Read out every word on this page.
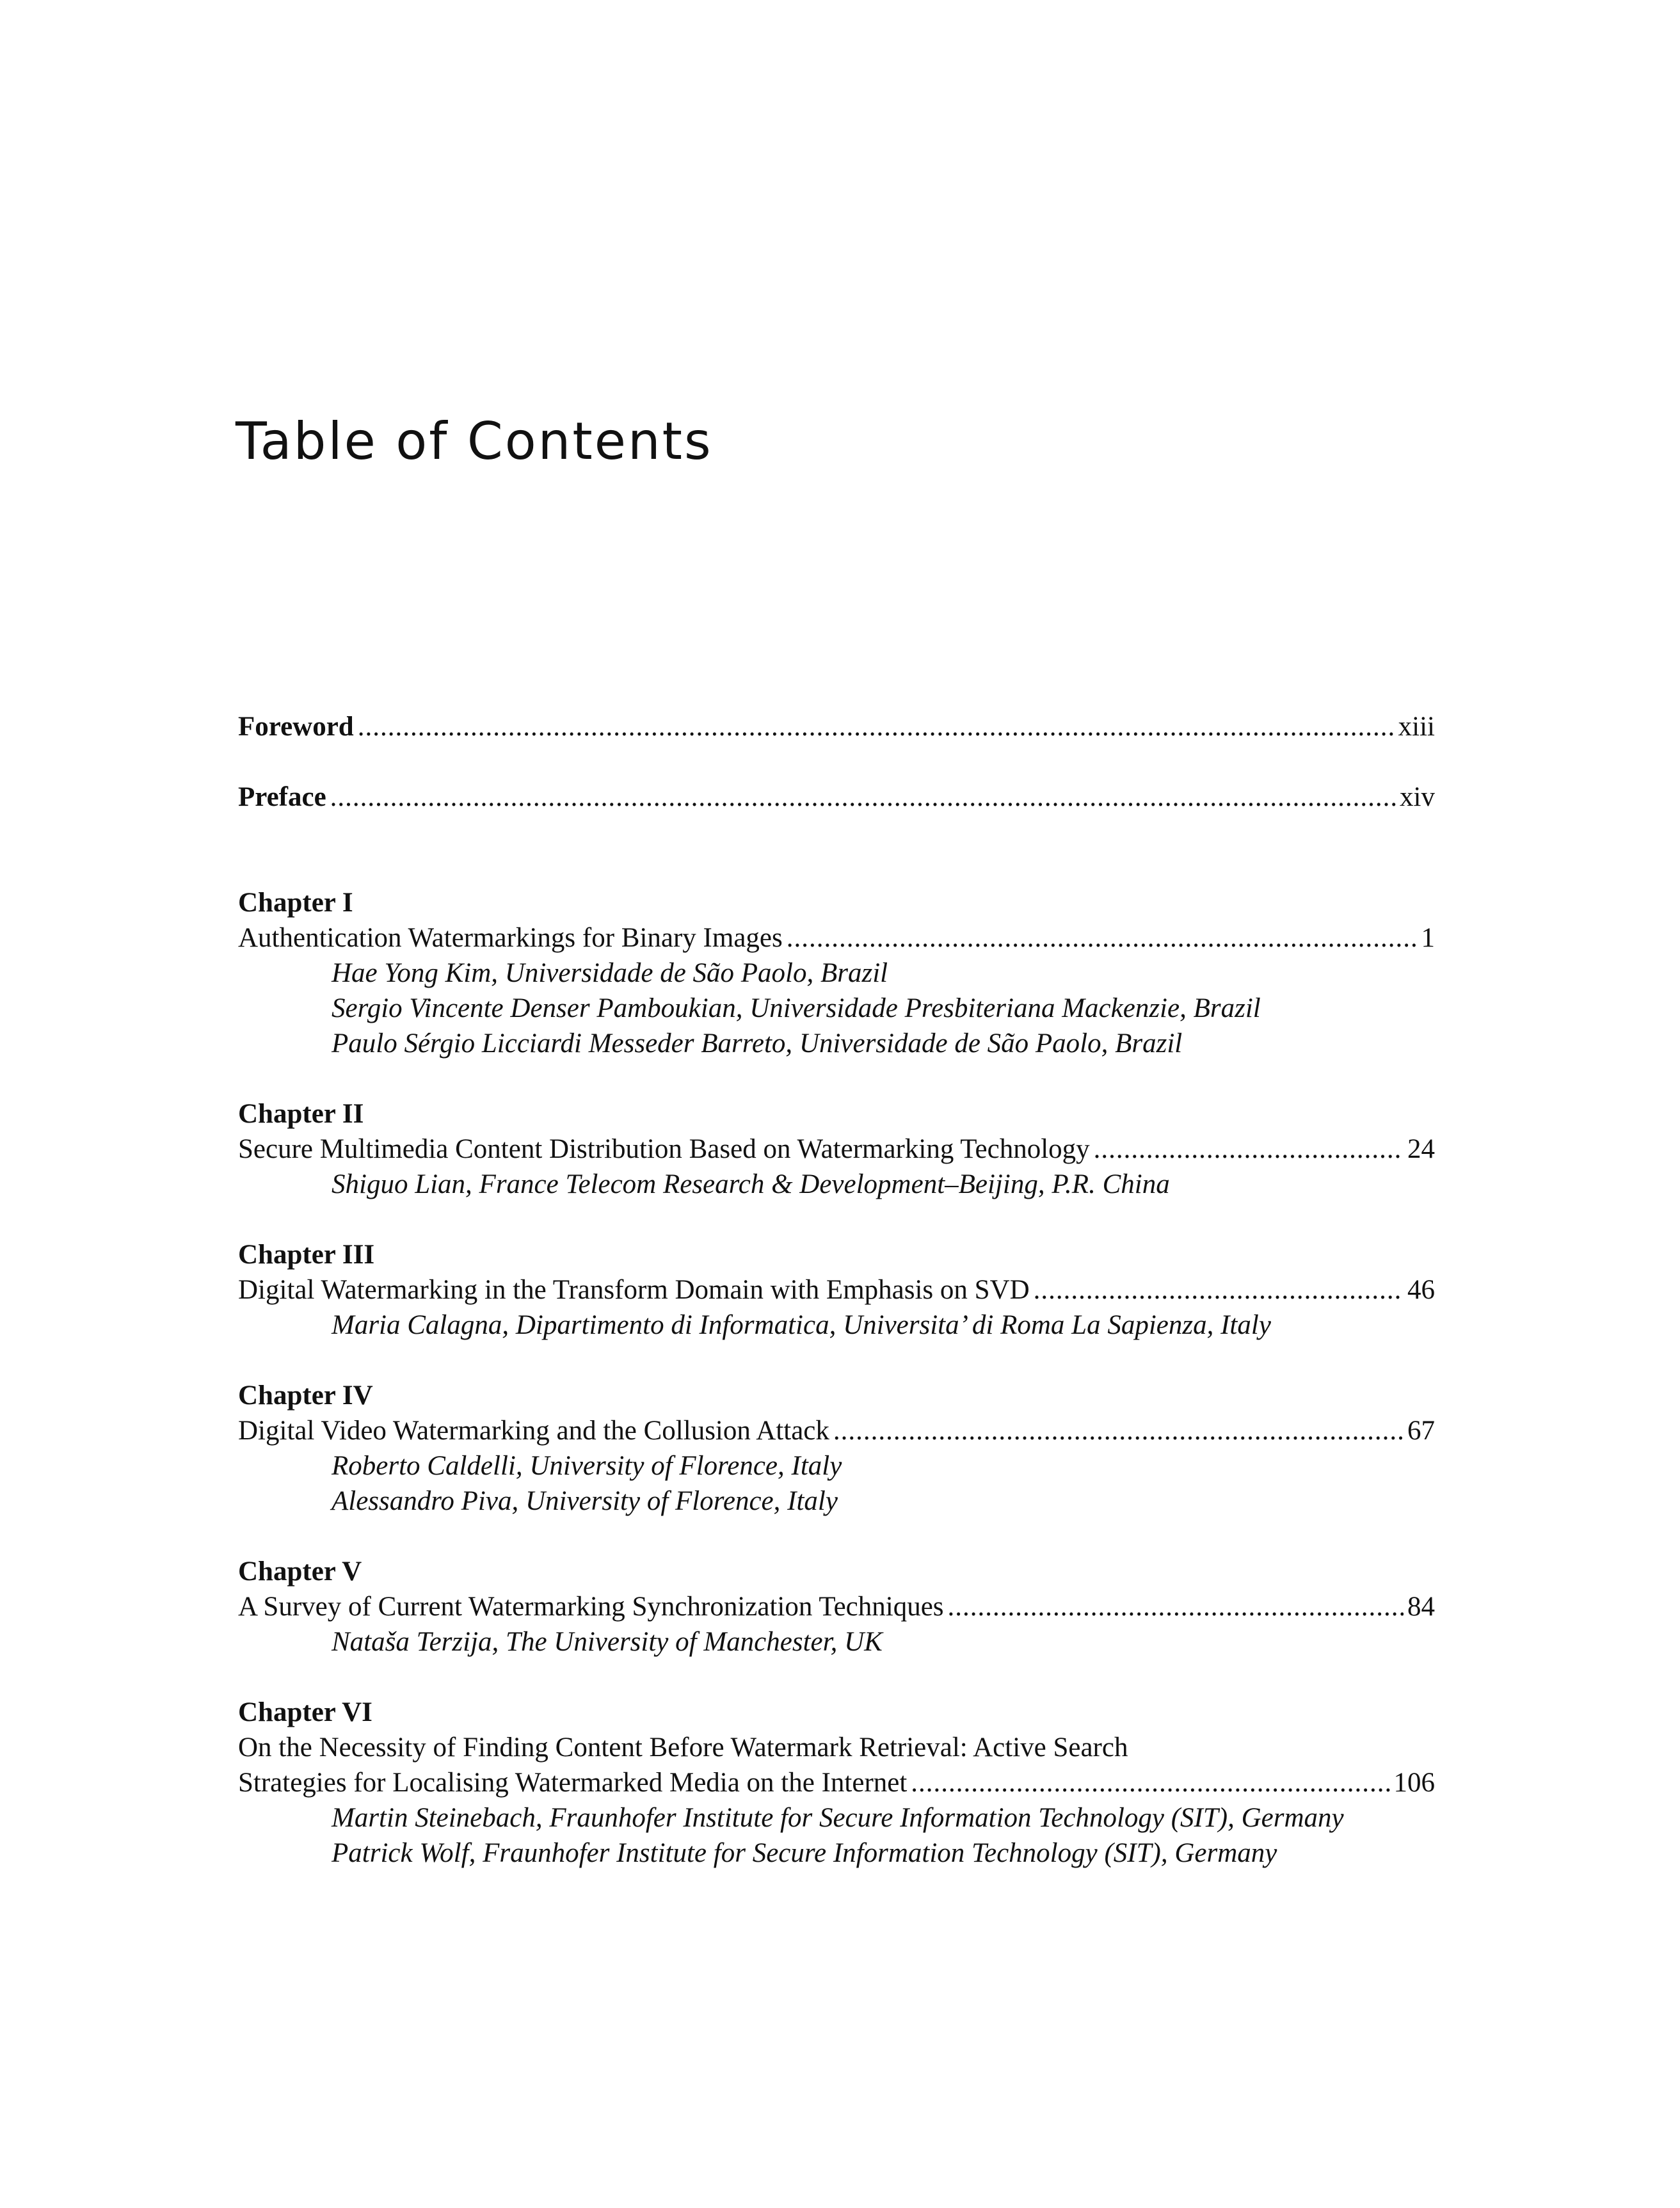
Table of Contents
Foreword .....	xiii
Preface .....	xiv
Chapter I
Authentication Watermarkings for Binary Images .....	1
Hae Yong Kim, Universidade de São Paolo, Brazil
Sergio Vincente Denser Pamboukian, Universidade Presbiteriana Mackenzie, Brazil
Paulo Sérgio Licciardi Messeder Barreto, Universidade de São Paolo, Brazil
Chapter II
Secure Multimedia Content Distribution Based on Watermarking Technology .....	24
Shiguo Lian, France Telecom Research & Development–Beijing, P.R. China
Chapter III
Digital Watermarking in the Transform Domain with Emphasis on SVD .....	46
Maria Calagna, Dipartimento di Informatica, Universita’ di Roma La Sapienza, Italy
Chapter IV
Digital Video Watermarking and the Collusion Attack .....	67
Roberto Caldelli, University of Florence, Italy
Alessandro Piva, University of Florence, Italy
Chapter V
A Survey of Current Watermarking Synchronization Techniques .....	84
Nataša Terzija, The University of Manchester, UK
Chapter VI
On the Necessity of Finding Content Before Watermark Retrieval: Active Search
Strategies for Localising Watermarked Media on the Internet .....	106
Martin Steinebach, Fraunhofer Institute for Secure Information Technology (SIT), Germany
Patrick Wolf, Fraunhofer Institute for Secure Information Technology (SIT), Germany
